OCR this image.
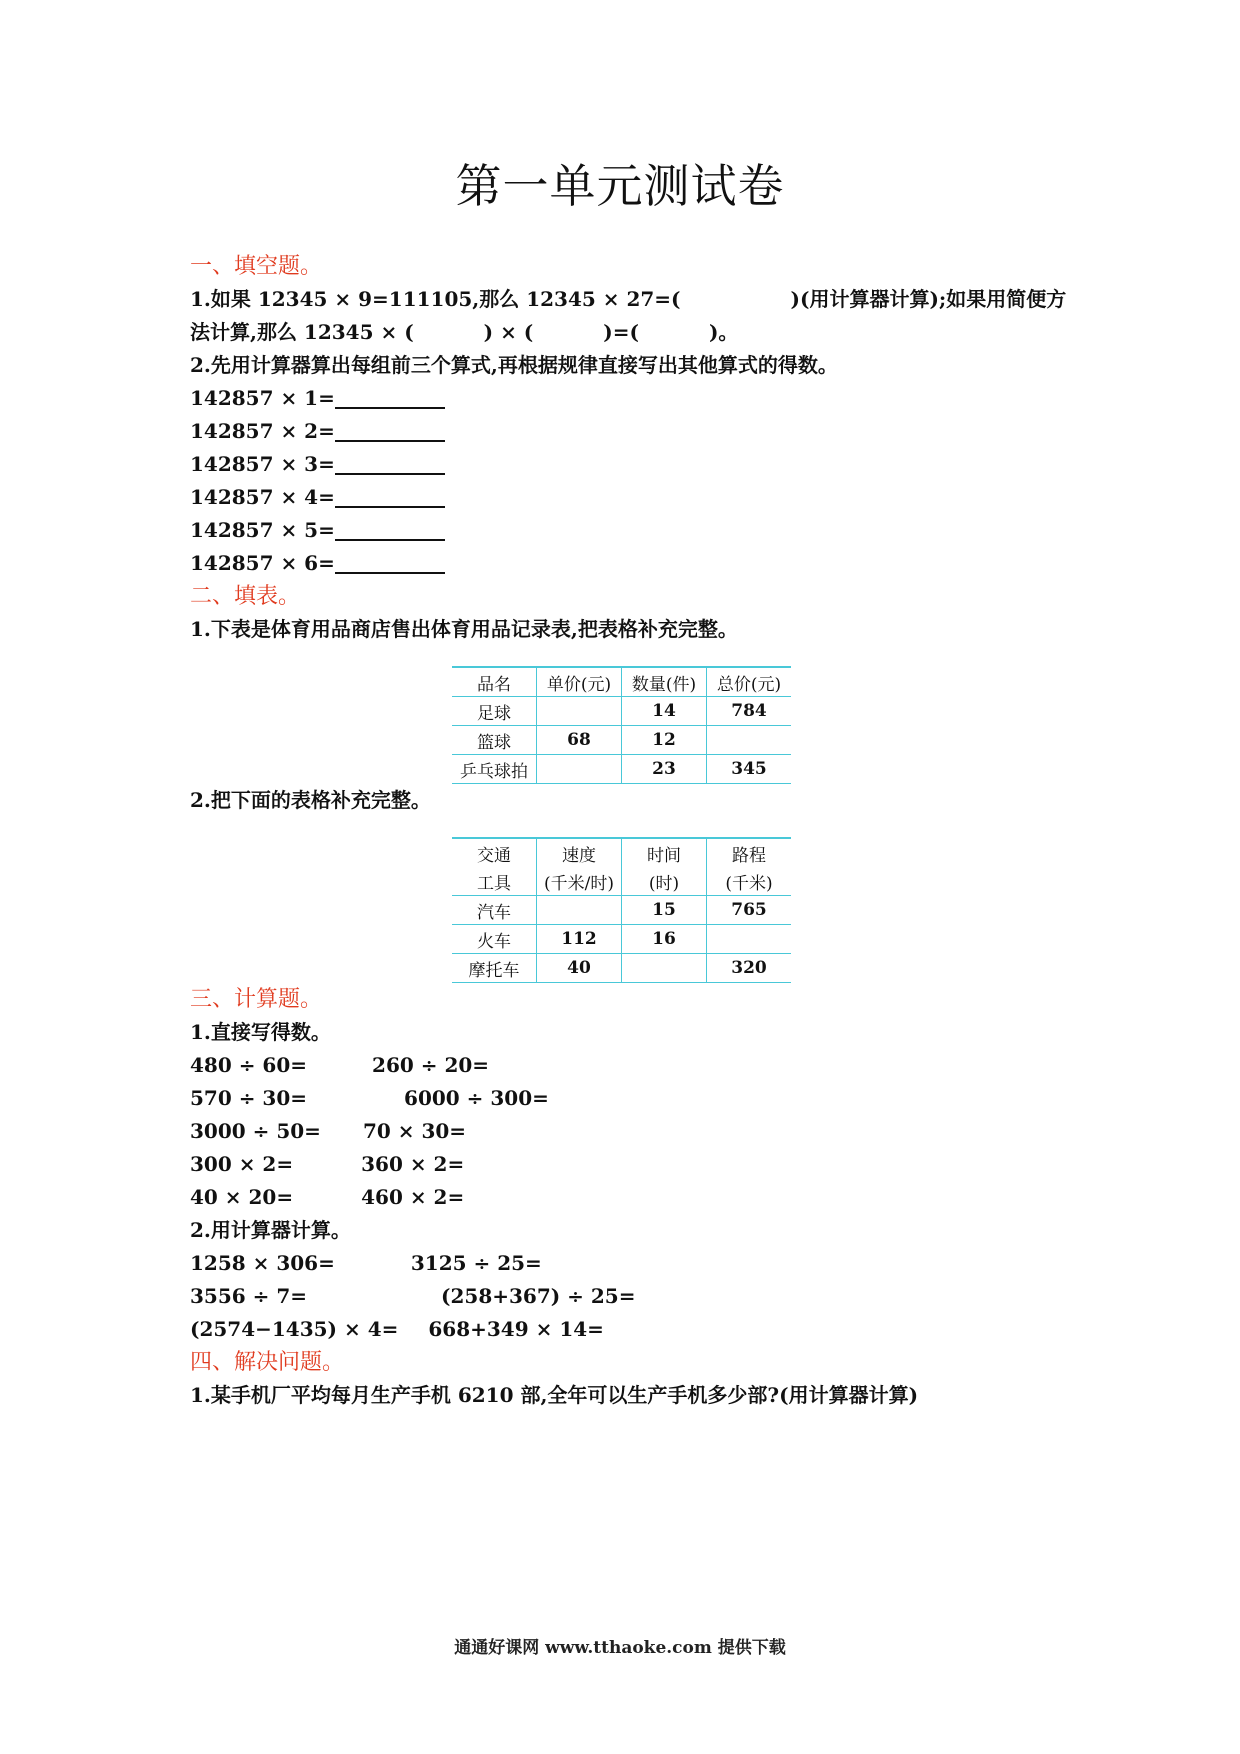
第一单元测试卷
一、填空题。
1.如果 12345 × 9=111105,那么 12345 × 27=(	)(用计算器计算);如果用简便方
法计算,那么 12345 × (	) × (	)=(	)。
2.先用计算器算出每组前三个算式,再根据规律直接写出其他算式的得数。
142857 × 1=
142857 × 2=
142857 × 3=
142857 × 4=
142857 × 5=
142857 × 6=
二、填表。
1.下表是体育用品商店售出体育用品记录表,把表格补充完整。
品名	单价(元)	数量(件)	总价(元)
足球		14	784
篮球	68	12	
乒乓球拍		23	345
2.把下面的表格补充完整。
交通	速度	时间	路程
工具	(千米/时)	(时)	(千米)
汽车		15	765
火车	112	16	
摩托车	40		320
三、计算题。
1.直接写得数。
480 ÷ 60=	260 ÷ 20=
570 ÷ 30=	6000 ÷ 300=
3000 ÷ 50= 70 × 30=
300 × 2=	360 × 2=
40 × 20=	460 × 2=
2.用计算器计算。
1258 × 306=	3125 ÷ 25=
3556 ÷ 7=	(258+367) ÷ 25=
(2574−1435) × 4= 668+349 × 14=
四、解决问题。
1.某手机厂平均每月生产手机 6210 部,全年可以生产手机多少部?(用计算器计算)
通通好课网 www.tthaoke.com 提供下载
